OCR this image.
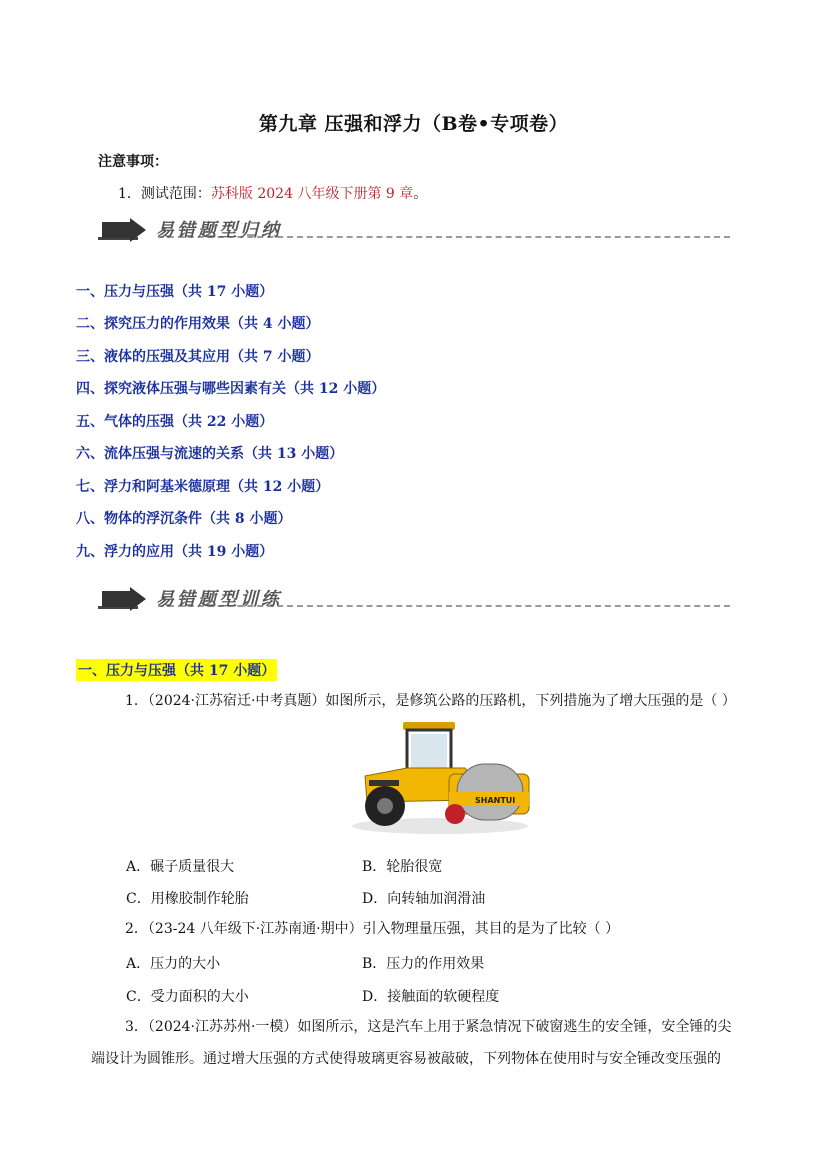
第九章 压强和浮力（B卷•专项卷）
注意事项：
1．测试范围：苏科版 2024 八年级下册第 9 章。
易错题型归纳
一、压力与压强（共 17 小题）
二、探究压力的作用效果（共 4 小题）
三、液体的压强及其应用（共 7 小题）
四、探究液体压强与哪些因素有关（共 12 小题）
五、气体的压强（共 22 小题）
六、流体压强与流速的关系（共 13 小题）
七、浮力和阿基米德原理（共 12 小题）
八、物体的浮沉条件（共 8 小题）
九、浮力的应用（共 19 小题）
易错题型训练
一、压力与压强（共 17 小题）
1．（2024·江苏宿迁·中考真题）如图所示，是修筑公路的压路机，下列措施为了增大压强的是（ ）
SHANTUI
A．碾子质量很大	B．轮胎很宽
C．用橡胶制作轮胎	D．向转轴加润滑油
2．（23-24 八年级下·江苏南通·期中）引入物理量压强，其目的是为了比较（ ）
A．压力的大小	B．压力的作用效果
C．受力面积的大小	D．接触面的软硬程度
3．（2024·江苏苏州·一模）如图所示，这是汽车上用于紧急情况下破窗逃生的安全锤，安全锤的尖
端设计为圆锥形。通过增大压强的方式使得玻璃更容易被敲破，下列物体在使用时与安全锤改变压强的
